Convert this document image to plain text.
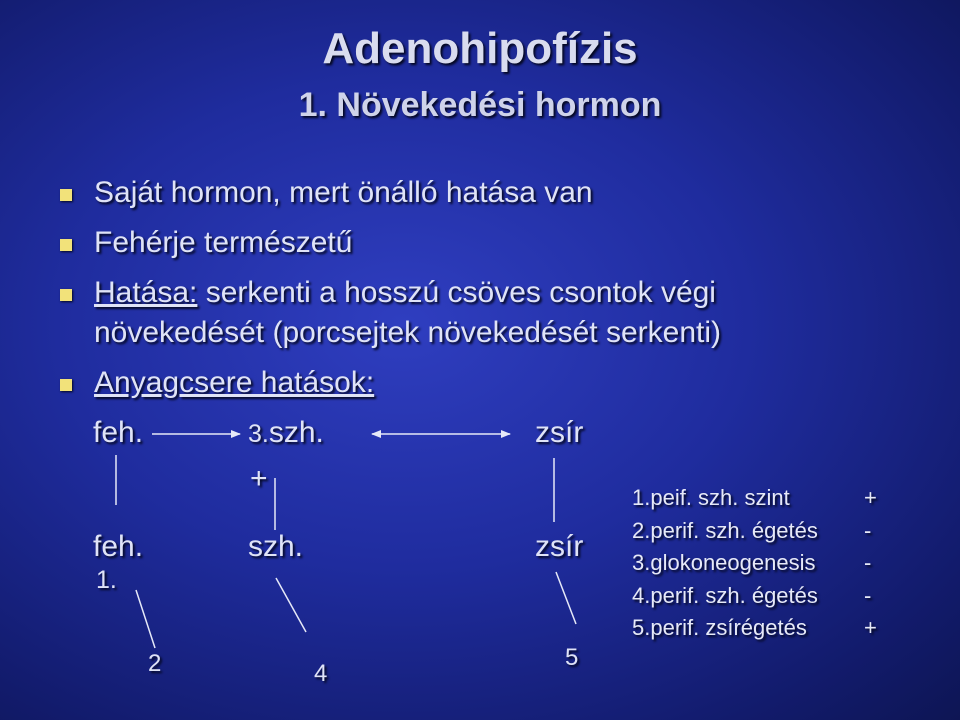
Adenohipofízis
1. Növekedési hormon
Saját hormon, mert önálló hatása van
Fehérje természetű
Hatása: serkenti a hosszú csöves csontok végi
növekedését (porcsejtek növekedését serkenti)
Anyagcsere hatások:
feh.	3.szh.	zsír
+
feh.
1.
szh.	zsír
2	4
5
1.peif. szh. szint	+
2.perif. szh. égetés -
3.glokoneogenesis -
4.perif. szh. égetés -
5.perif. zsírégetés	+
